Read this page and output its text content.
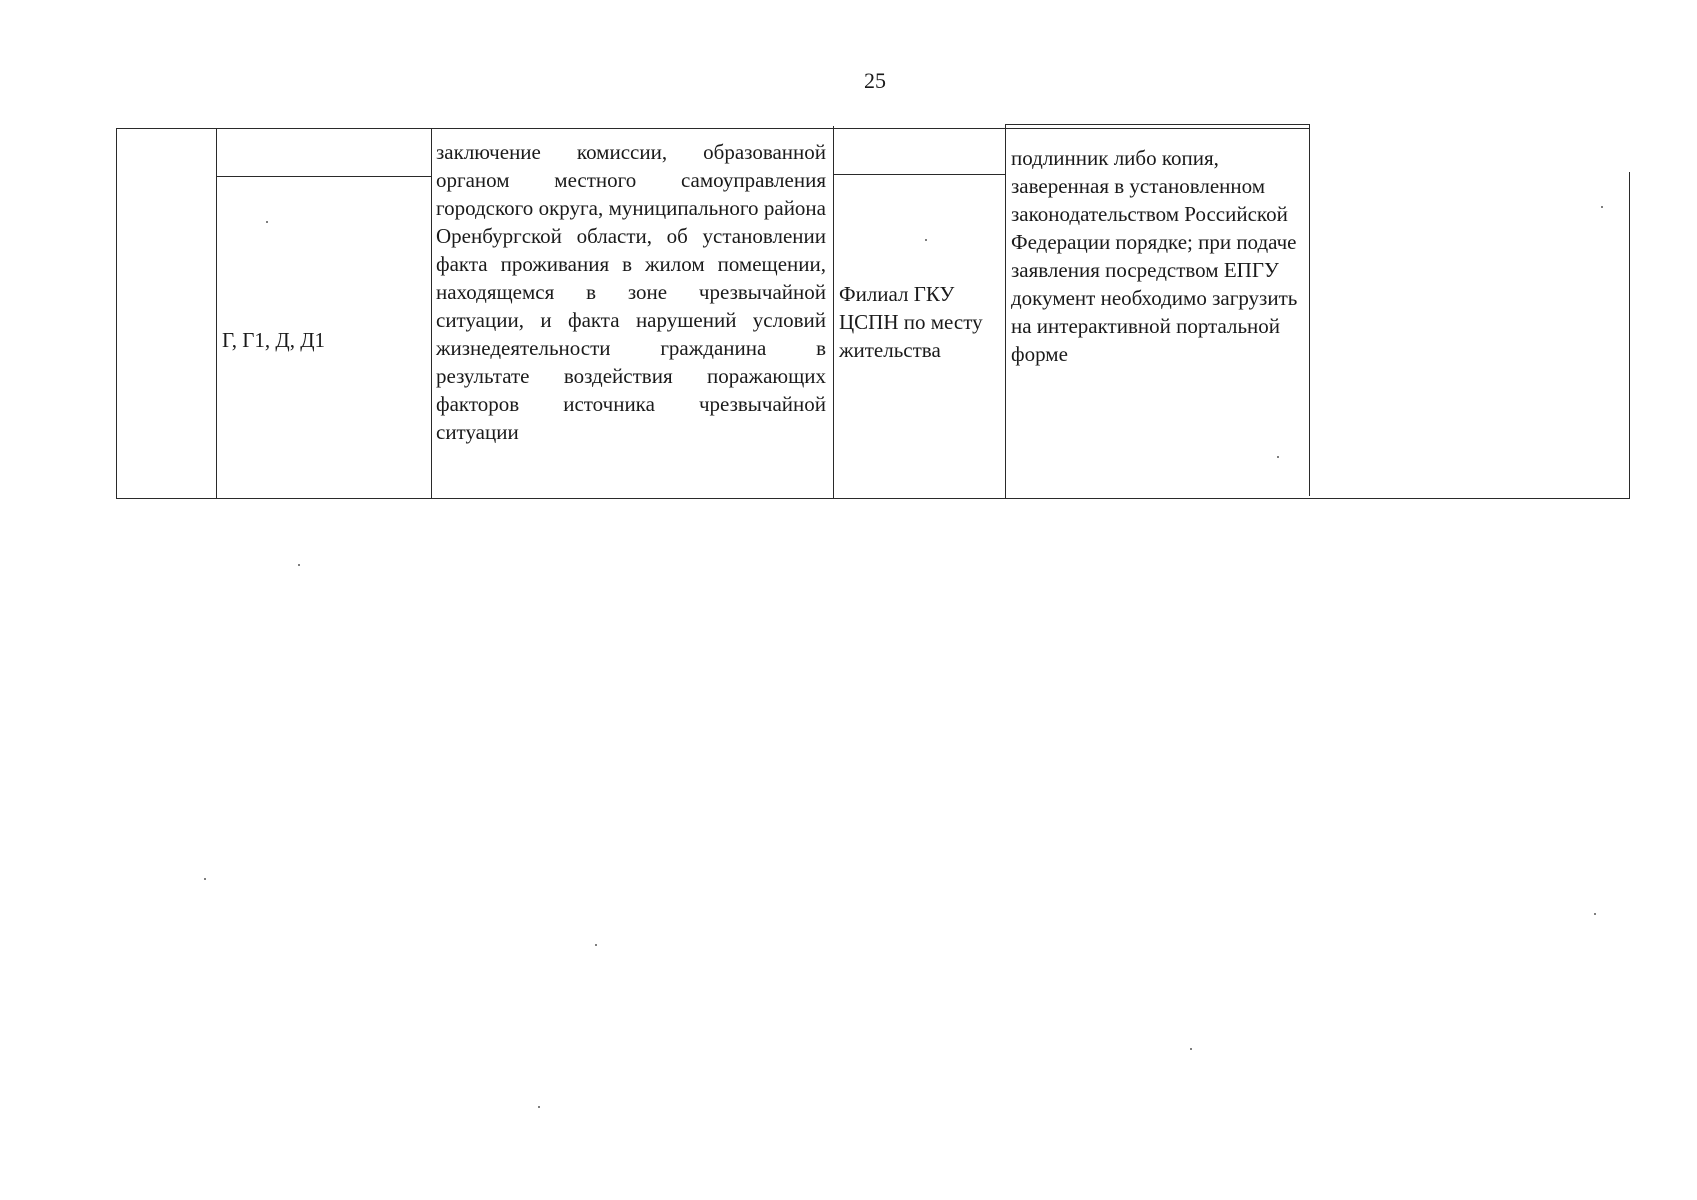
25
Г, Г1, Д, Д1
заключение комиссии, образованной органом местного самоуправления городского округа, муниципального района Оренбургской области, об установлении факта проживания в жилом помещении, находящемся в зоне чрезвычайной ситуации, и факта нарушений условий жизнедеятельности гражданина в результате воздействия поражающих факторов источника чрезвычайной ситуации
Филиал ГКУ ЦСПН по месту жительства
подлинник либо копия, заверенная в установленном законодательством Российской Федерации порядке; при подаче заявления посредством ЕПГУ документ необходимо загрузить на интерактивной портальной форме
